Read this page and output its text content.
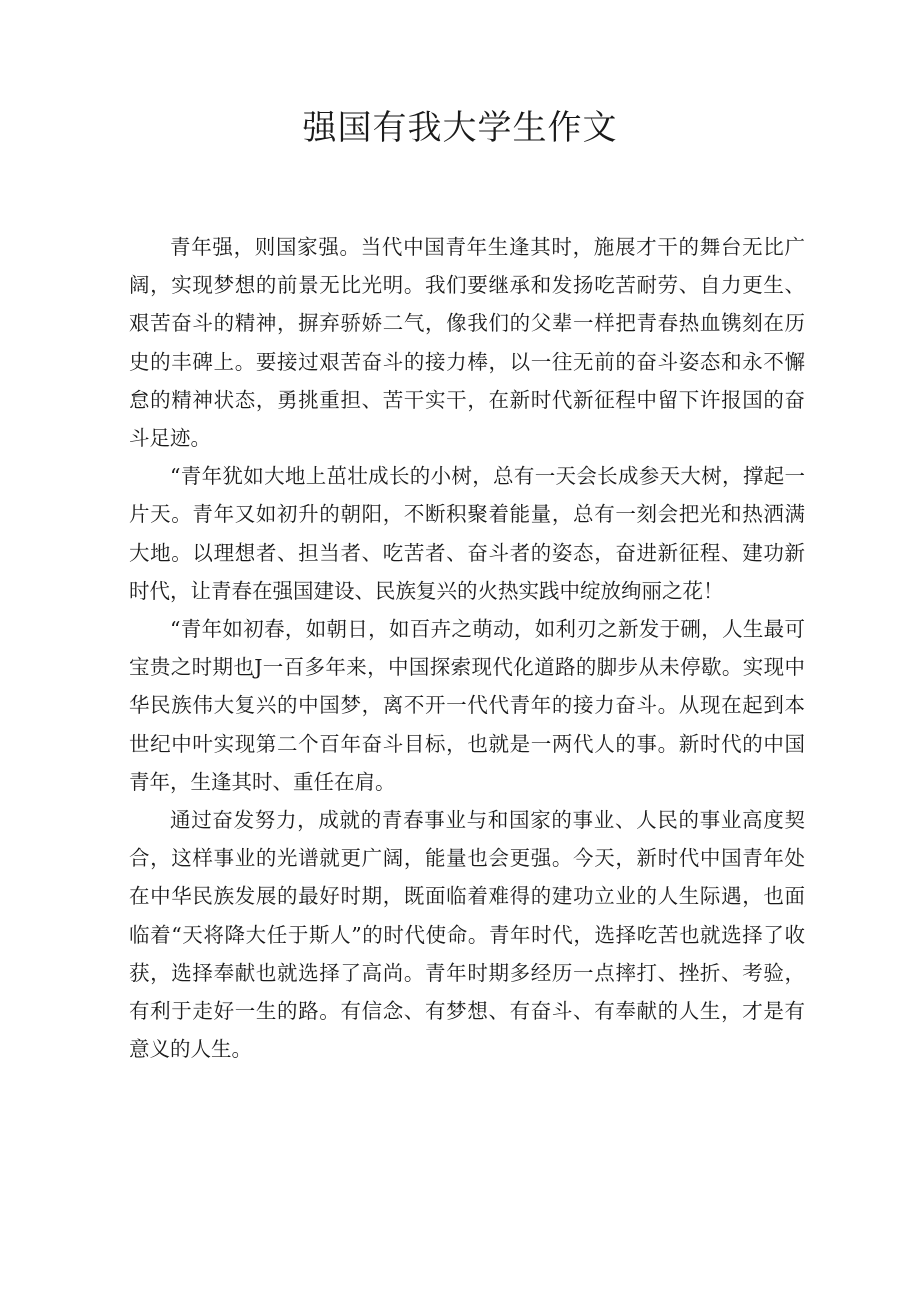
强国有我大学生作文

青年强，则国家强。当代中国青年生逢其时，施展才干的舞台无比广阔，实现梦想的前景无比光明。我们要继承和发扬吃苦耐劳、自力更生、艰苦奋斗的精神，摒弃骄娇二气，像我们的父辈一样把青春热血镌刻在历史的丰碑上。要接过艰苦奋斗的接力棒，以一往无前的奋斗姿态和永不懈怠的精神状态，勇挑重担、苦干实干，在新时代新征程中留下许报国的奋斗足迹。

“青年犹如大地上茁壮成长的小树，总有一天会长成参天大树，撑起一片天。青年又如初升的朝阳，不断积聚着能量，总有一刻会把光和热洒满大地。以理想者、担当者、吃苦者、奋斗者的姿态，奋进新征程、建功新时代，让青春在强国建设、民族复兴的火热实践中绽放绚丽之花！

“青年如初春，如朝日，如百卉之萌动，如利刃之新发于硎，人生最可宝贵之时期也J一百多年来，中国探索现代化道路的脚步从未停歇。实现中华民族伟大复兴的中国梦，离不开一代代青年的接力奋斗。从现在起到本世纪中叶实现第二个百年奋斗目标，也就是一两代人的事。新时代的中国青年，生逢其时、重任在肩。

通过奋发努力，成就的青春事业与和国家的事业、人民的事业高度契合，这样事业的光谱就更广阔，能量也会更强。今天，新时代中国青年处在中华民族发展的最好时期，既面临着难得的建功立业的人生际遇，也面临着“天将降大任于斯人”的时代使命。青年时代，选择吃苦也就选择了收获，选择奉献也就选择了高尚。青年时期多经历一点摔打、挫折、考验，有利于走好一生的路。有信念、有梦想、有奋斗、有奉献的人生，才是有意义的人生。
